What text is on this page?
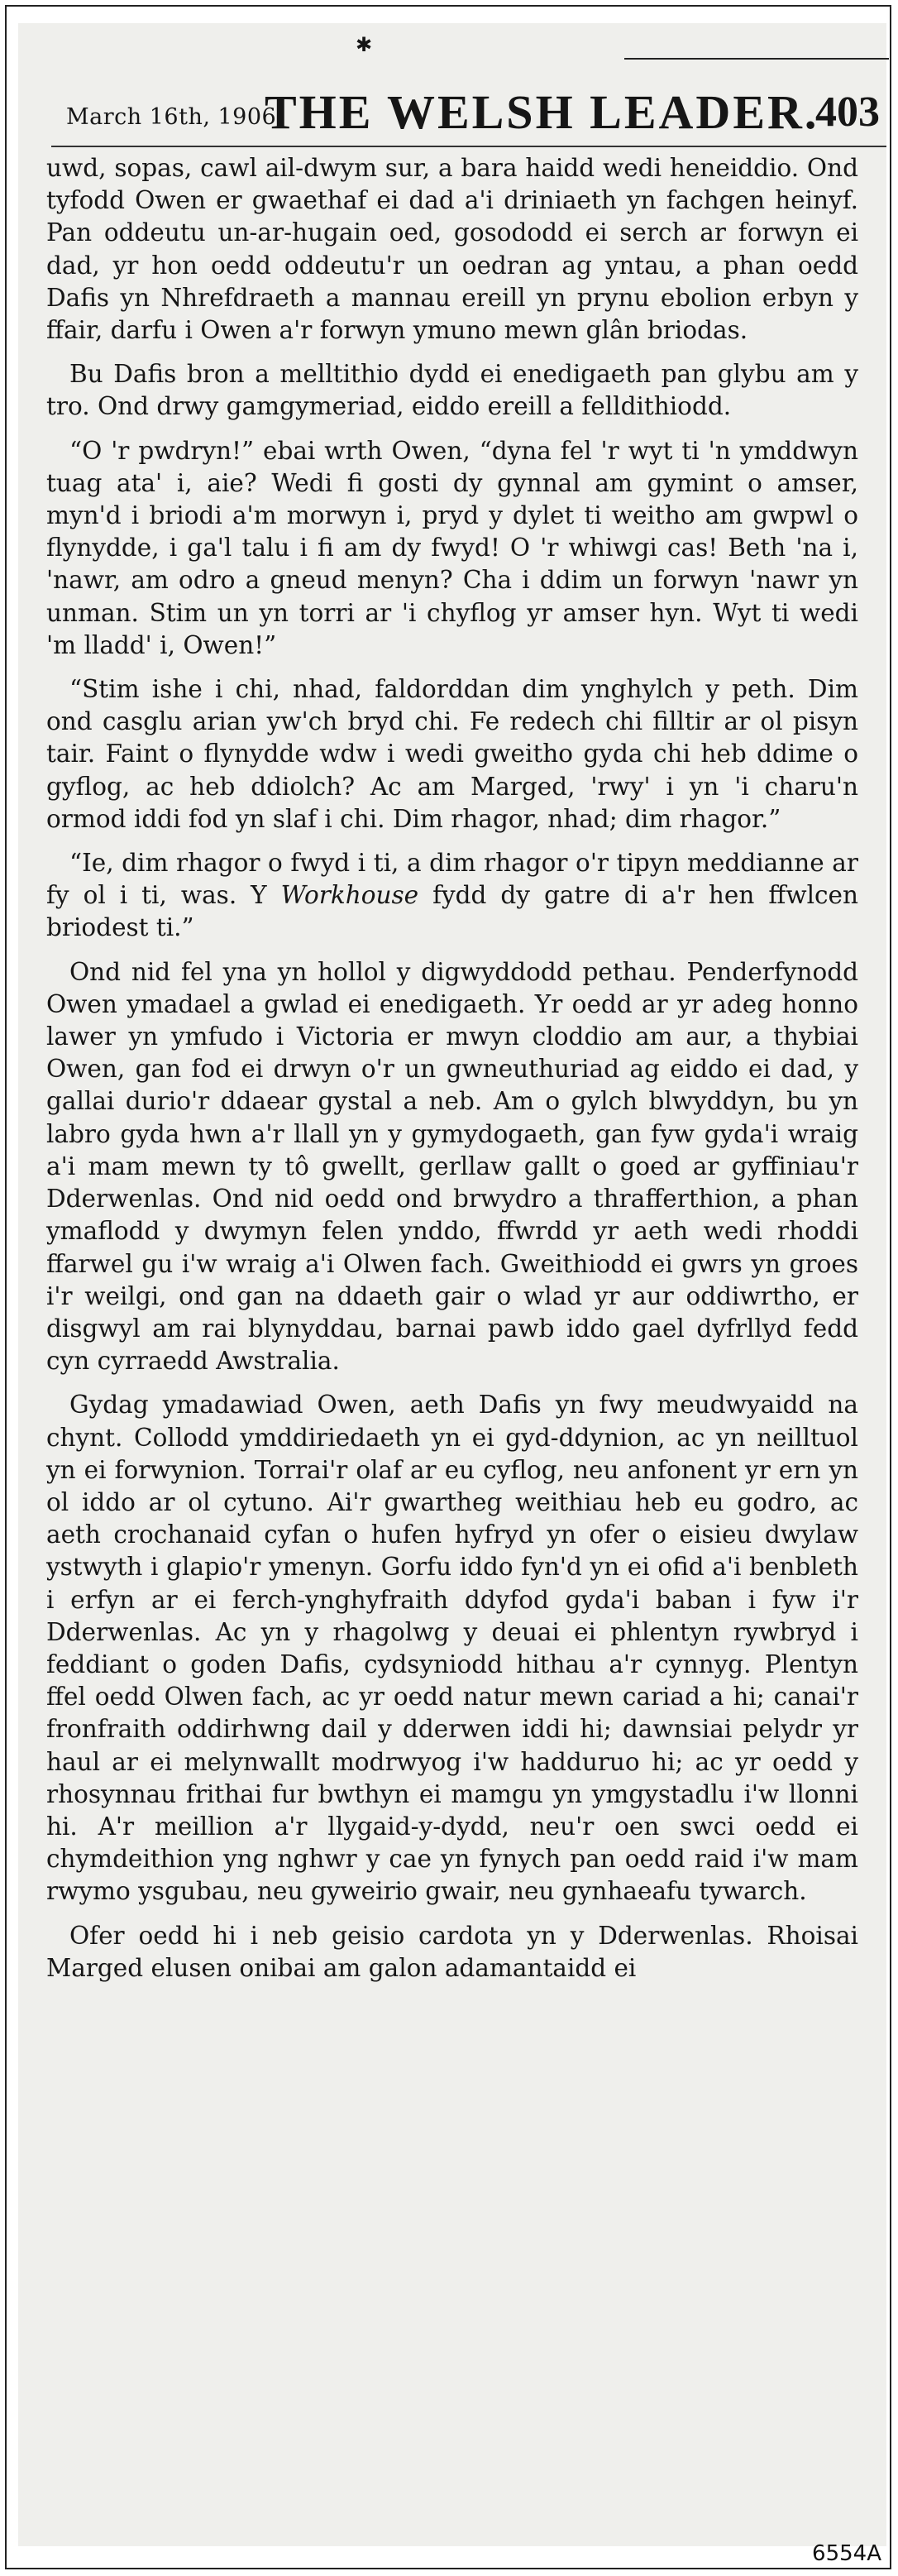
✱
March 16th, 1906.
THE WELSH LEADER.
403

uwd, sopas, cawl ail-dwym sur, a bara haidd wedi heneiddio. Ond tyfodd Owen er gwaethaf ei dad a'i driniaeth yn fachgen heinyf. Pan oddeutu un-ar-hugain oed, gosododd ei serch ar forwyn ei dad, yr hon oedd oddeutu'r un oedran ag yntau, a phan oedd Dafis yn Nhrefdraeth a mannau ereill yn prynu ebolion erbyn y ffair, darfu i Owen a'r forwyn ymuno mewn glân briodas.

Bu Dafis bron a melltithio dydd ei enedigaeth pan glybu am y tro. Ond drwy gamgymeriad, eiddo ereill a felldithiodd.

“O 'r pwdryn!” ebai wrth Owen, “dyna fel 'r wyt ti 'n ymddwyn tuag ata' i, aie? Wedi fi gosti dy gynnal am gymint o amser, myn'd i briodi a'm morwyn i, pryd y dylet ti weitho am gwpwl o flynydde, i ga'l talu i fi am dy fwyd! O 'r whiwgi cas! Beth 'na i, 'nawr, am odro a gneud menyn? Cha i ddim un forwyn 'nawr yn unman. Stim un yn torri ar 'i chyflog yr amser hyn. Wyt ti wedi 'm lladd' i, Owen!”

“Stim ishe i chi, nhad, faldorddan dim ynghylch y peth. Dim ond casglu arian yw'ch bryd chi. Fe redech chi filltir ar ol pisyn tair. Faint o flynydde wdw i wedi gweitho gyda chi heb ddime o gyflog, ac heb ddiolch? Ac am Marged, 'rwy' i yn 'i charu'n ormod iddi fod yn slaf i chi. Dim rhagor, nhad; dim rhagor.”

“Ie, dim rhagor o fwyd i ti, a dim rhagor o'r tipyn meddianne ar fy ol i ti, was. Y Workhouse fydd dy gatre di a'r hen ffwlcen briodest ti.”

Ond nid fel yna yn hollol y digwyddodd pethau. Penderfynodd Owen ymadael a gwlad ei enedigaeth. Yr oedd ar yr adeg honno lawer yn ymfudo i Victoria er mwyn cloddio am aur, a thybiai Owen, gan fod ei drwyn o'r un gwneuthuriad ag eiddo ei dad, y gallai durio'r ddaear gystal a neb. Am o gylch blwyddyn, bu yn labro gyda hwn a'r llall yn y gymydogaeth, gan fyw gyda'i wraig a'i mam mewn ty tô gwellt, gerllaw gallt o goed ar gyffiniau'r Dderwenlas. Ond nid oedd ond brwydro a thrafferthion, a phan ymaflodd y dwymyn felen ynddo, ffwrdd yr aeth wedi rhoddi ffarwel gu i'w wraig a'i Olwen fach. Gweithiodd ei gwrs yn groes i'r weilgi, ond gan na ddaeth gair o wlad yr aur oddiwrtho, er disgwyl am rai blynyddau, barnai pawb iddo gael dyfrllyd fedd cyn cyrraedd Awstralia.

Gydag ymadawiad Owen, aeth Dafis yn fwy meudwyaidd na chynt. Collodd ymddiriedaeth yn ei gyd-ddynion, ac yn neilltuol yn ei forwynion. Torrai'r olaf ar eu cyflog, neu anfonent yr ern yn ol iddo ar ol cytuno. Ai'r gwartheg weithiau heb eu godro, ac aeth crochanaid cyfan o hufen hyfryd yn ofer o eisieu dwylaw ystwyth i glapio'r ymenyn. Gorfu iddo fyn'd yn ei ofid a'i benbleth i erfyn ar ei ferch-ynghyfraith ddyfod gyda'i baban i fyw i'r Dderwenlas. Ac yn y rhagolwg y deuai ei phlentyn rywbryd i feddiant o goden Dafis, cydsyniodd hithau a'r cynnyg. Plentyn ffel oedd Olwen fach, ac yr oedd natur mewn cariad a hi; canai'r fronfraith oddirhwng dail y dderwen iddi hi; dawnsiai pelydr yr haul ar ei melynwallt modrwyog i'w hadduruo hi; ac yr oedd y rhosynnau frithai fur bwthyn ei mamgu yn ymgystadlu i'w llonni hi. A'r meillion a'r llygaid-y-dydd, neu'r oen swci oedd ei chymdeithion yng nghwr y cae yn fynych pan oedd raid i'w mam rwymo ysgubau, neu gyweirio gwair, neu gynhaeafu tywarch.

Ofer oedd hi i neb geisio cardota yn y Dderwenlas. Rhoisai Marged elusen onibai am galon adamantaidd ei

6554A
